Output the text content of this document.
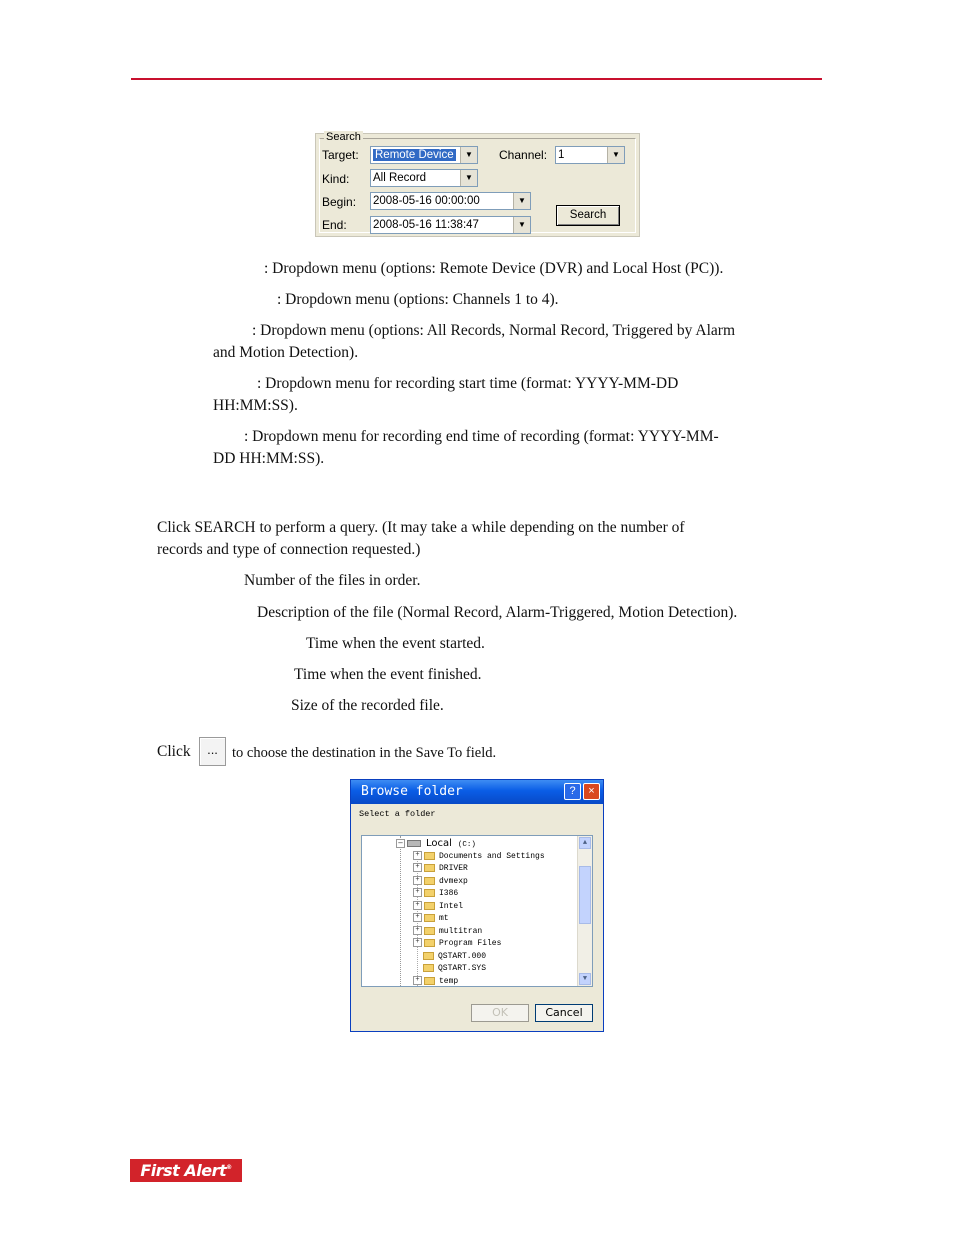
Search
Target:	Remote Device	▼	Channel: 1	▼
Kind: All Record	▼
Begin: 2008-05-16 00:00:00	▼
End: 2008-05-16 11:38:47	▼
Search
: Dropdown menu (options: Remote Device (DVR) and Local Host (PC)).
: Dropdown menu (options: Channels 1 to 4).
: Dropdown menu (options: All Records, Normal Record, Triggered by Alarm
and Motion Detection).
: Dropdown menu for recording start time (format: YYYY-MM-DD
HH:MM:SS).
: Dropdown menu for recording end time of recording (format: YYYY-MM-
DD HH:MM:SS).
Click SEARCH to perform a query. (It may take a while depending on the number of
records and type of connection requested.)
Number of the files in order.
Description of the file (Normal Record, Alarm-Triggered, Motion Detection).
Time when the event started.
Time when the event finished.
Size of the recorded file.
Click	... to choose the destination in the Save To field.
Browse folder	?	×
Select a folder
− Local (C:)
+ Documents and Settings
+ DRIVER
+ dvmexp
+ I386
+ Intel
+ mt
+ multitran
+ Program Files
QSTART.000
QSTART.SYS
+ temp
▲
▼
OK	Cancel
First Alert®
